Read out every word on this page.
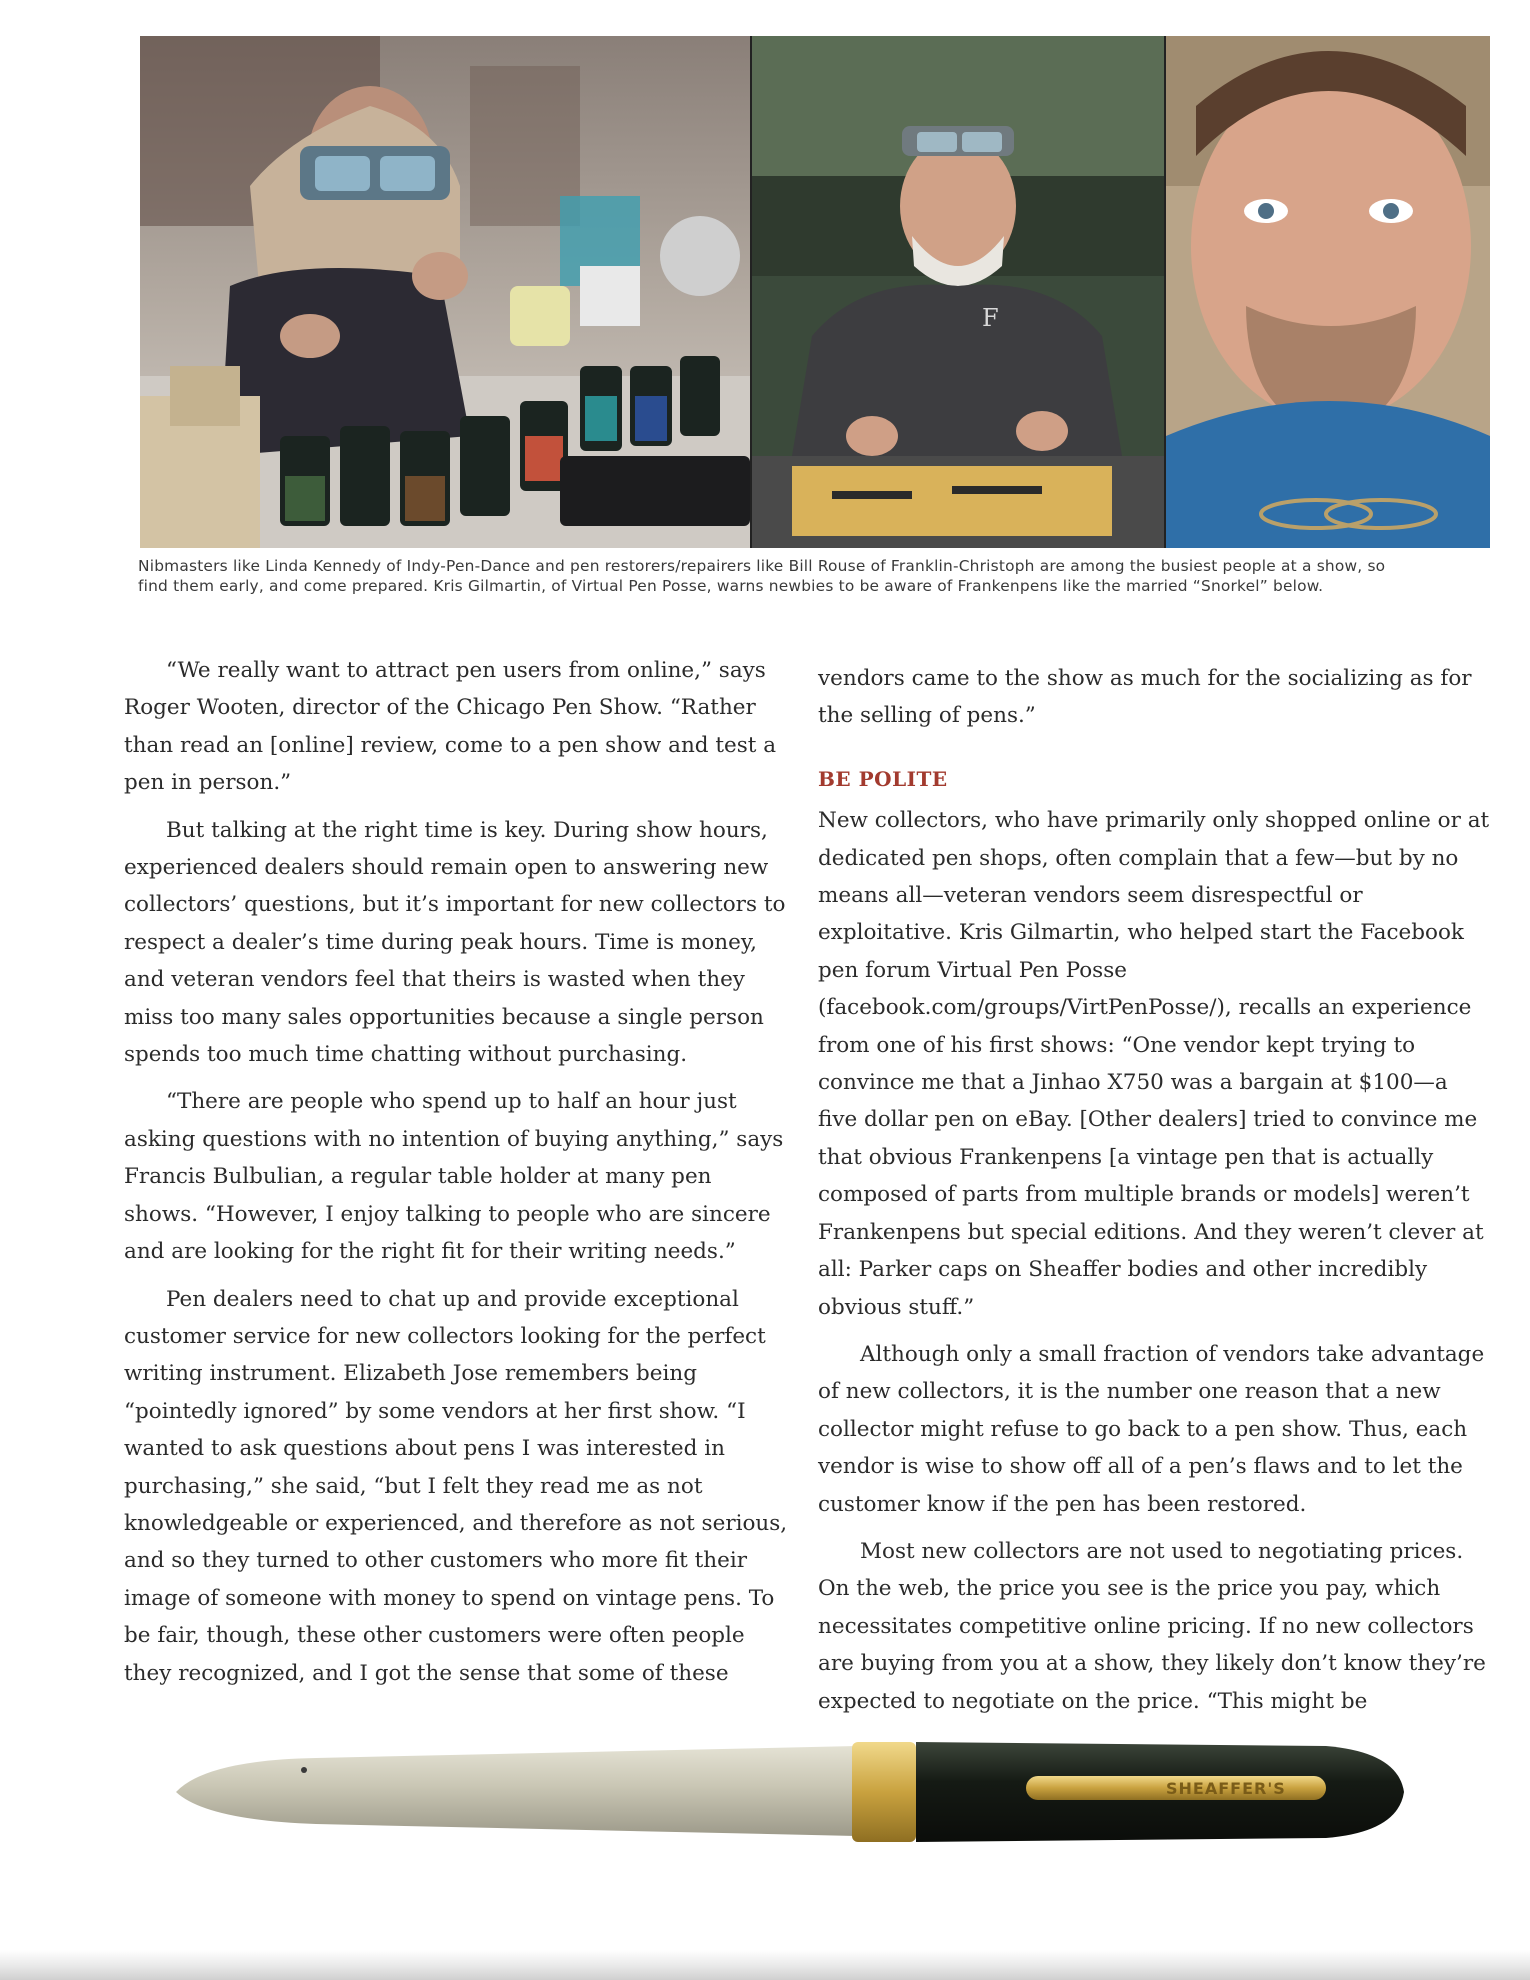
F
Nibmasters like Linda Kennedy of Indy-Pen-Dance and pen restorers/repairers like Bill Rouse of Franklin-Christoph are among the busiest people at a show, so find them early, and come prepared. Kris Gilmartin, of Virtual Pen Posse, warns newbies to be aware of Frankenpens like the married “Snorkel” below.

“We really want to attract pen users from online,” says Roger Wooten, director of the Chicago Pen Show. “Rather than read an [online] review, come to a pen show and test a pen in person.”

But talking at the right time is key. During show hours, experienced dealers should remain open to answering new collectors’ questions, but it’s important for new collectors to respect a dealer’s time during peak hours. Time is money, and veteran vendors feel that theirs is wasted when they miss too many sales opportunities because a single person spends too much time chatting without purchasing.

“There are people who spend up to half an hour just asking questions with no intention of buying anything,” says Francis Bulbulian, a regular table holder at many pen shows. “However, I enjoy talking to people who are sincere and are looking for the right fit for their writing needs.”

Pen dealers need to chat up and provide exceptional customer service for new collectors looking for the perfect writing instrument. Elizabeth Jose remembers being “pointedly ignored” by some vendors at her first show. “I wanted to ask questions about pens I was interested in purchasing,” she said, “but I felt they read me as not knowledgeable or experienced, and therefore as not serious, and so they turned to other customers who more fit their image of someone with money to spend on vintage pens. To be fair, though, these other customers were often people they recognized, and I got the sense that some of these

vendors came to the show as much for the socializing as for the selling of pens.”

BE POLITE

New collectors, who have primarily only shopped online or at dedicated pen shops, often complain that a few—but by no means all—veteran vendors seem disrespectful or exploitative. Kris Gilmartin, who helped start the Facebook pen forum Virtual Pen Posse (facebook.com/groups/VirtPenPosse/), recalls an experience from one of his first shows: “One vendor kept trying to convince me that a Jinhao X750 was a bargain at $100—a five dollar pen on eBay. [Other dealers] tried to convince me that obvious Frankenpens [a vintage pen that is actually composed of parts from multiple brands or models] weren’t Frankenpens but special editions. And they weren’t clever at all: Parker caps on Sheaffer bodies and other incredibly obvious stuff.”

Although only a small fraction of vendors take advantage of new collectors, it is the number one reason that a new collector might refuse to go back to a pen show. Thus, each vendor is wise to show off all of a pen’s flaws and to let the customer know if the pen has been restored.

Most new collectors are not used to negotiating prices. On the web, the price you see is the price you pay, which necessitates competitive online pricing. If no new collectors are buying from you at a show, they likely don’t know they’re expected to negotiate on the price. “This might be

SHEAFFER'S
